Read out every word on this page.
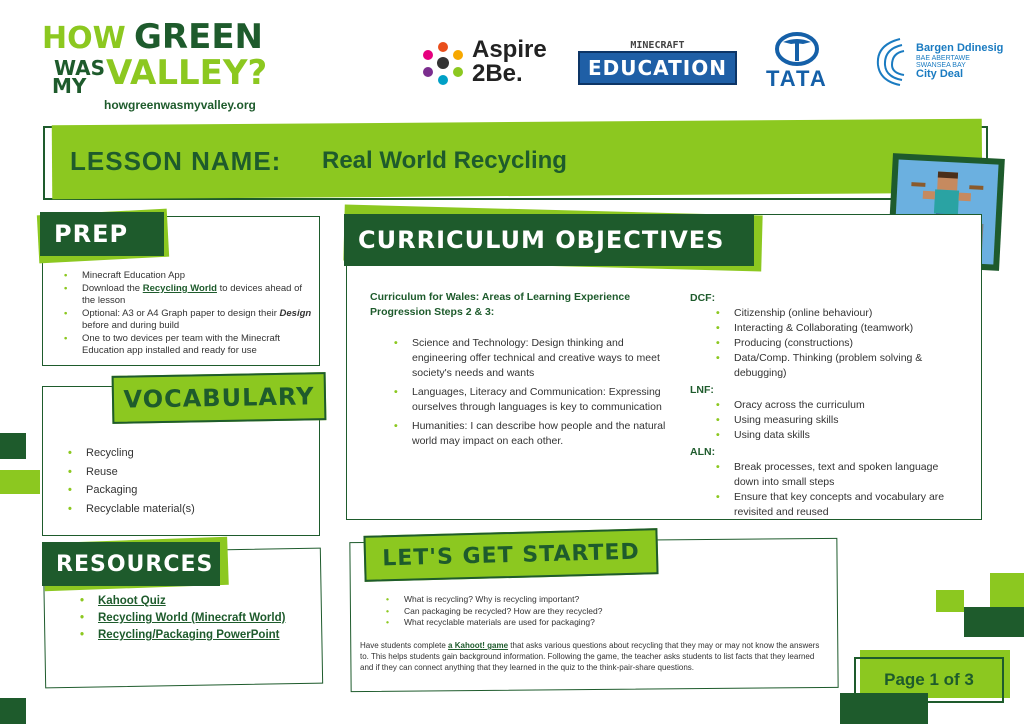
HOW GREEN
WAS
MY VALLEY?
howgreenwasmyvalley.org
Aspire
2Be.
MINECRAFT
EDUCATION	TATA
Bargen Ddinesig
BAE ABERTAWE
SWANSEA BAY
City Deal
LESSON NAME: Real World Recycling
PREP
• Minecraft Education App
• Download the Recycling World to devices ahead of the lesson
• Optional: A3 or A4 Graph paper to design their Design before and during build
• One to two devices per team with the Minecraft Education app installed and ready for use
VOCABULARY
• Recycling
• Reuse
• Packaging
• Recyclable material(s)
RESOURCES
• Kahoot Quiz
• Recycling World (Minecraft World)
• Recycling/Packaging PowerPoint
CURRICULUM OBJECTIVES
Curriculum for Wales: Areas of Learning Experience Progression Steps 2 & 3:
• Science and Technology: Design thinking and engineering offer technical and creative ways to meet society's needs and wants
• Languages, Literacy and Communication: Expressing ourselves through languages is key to communication
• Humanities: I can describe how people and the natural world may impact on each other.
DCF:
• Citizenship (online behaviour)
• Interacting & Collaborating (teamwork)
• Producing (constructions)
• Data/Comp. Thinking (problem solving & debugging)
LNF:
• Oracy across the curriculum
• Using measuring skills
• Using data skills
ALN:
• Break processes, text and spoken language down into small steps
• Ensure that key concepts and vocabulary are revisited and reused
LET'S GET STARTED
• What is recycling? Why is recycling important?
• Can packaging be recycled? How are they recycled?
• What recyclable materials are used for packaging?
Have students complete a Kahoot! game that asks various questions about recycling that they may or may not know the answers to. This helps students gain background information. Following the game, the teacher asks students to list facts that they learned and if they can connect anything that they learned in the quiz to the think-pair-share questions.
Page 1 of 3
